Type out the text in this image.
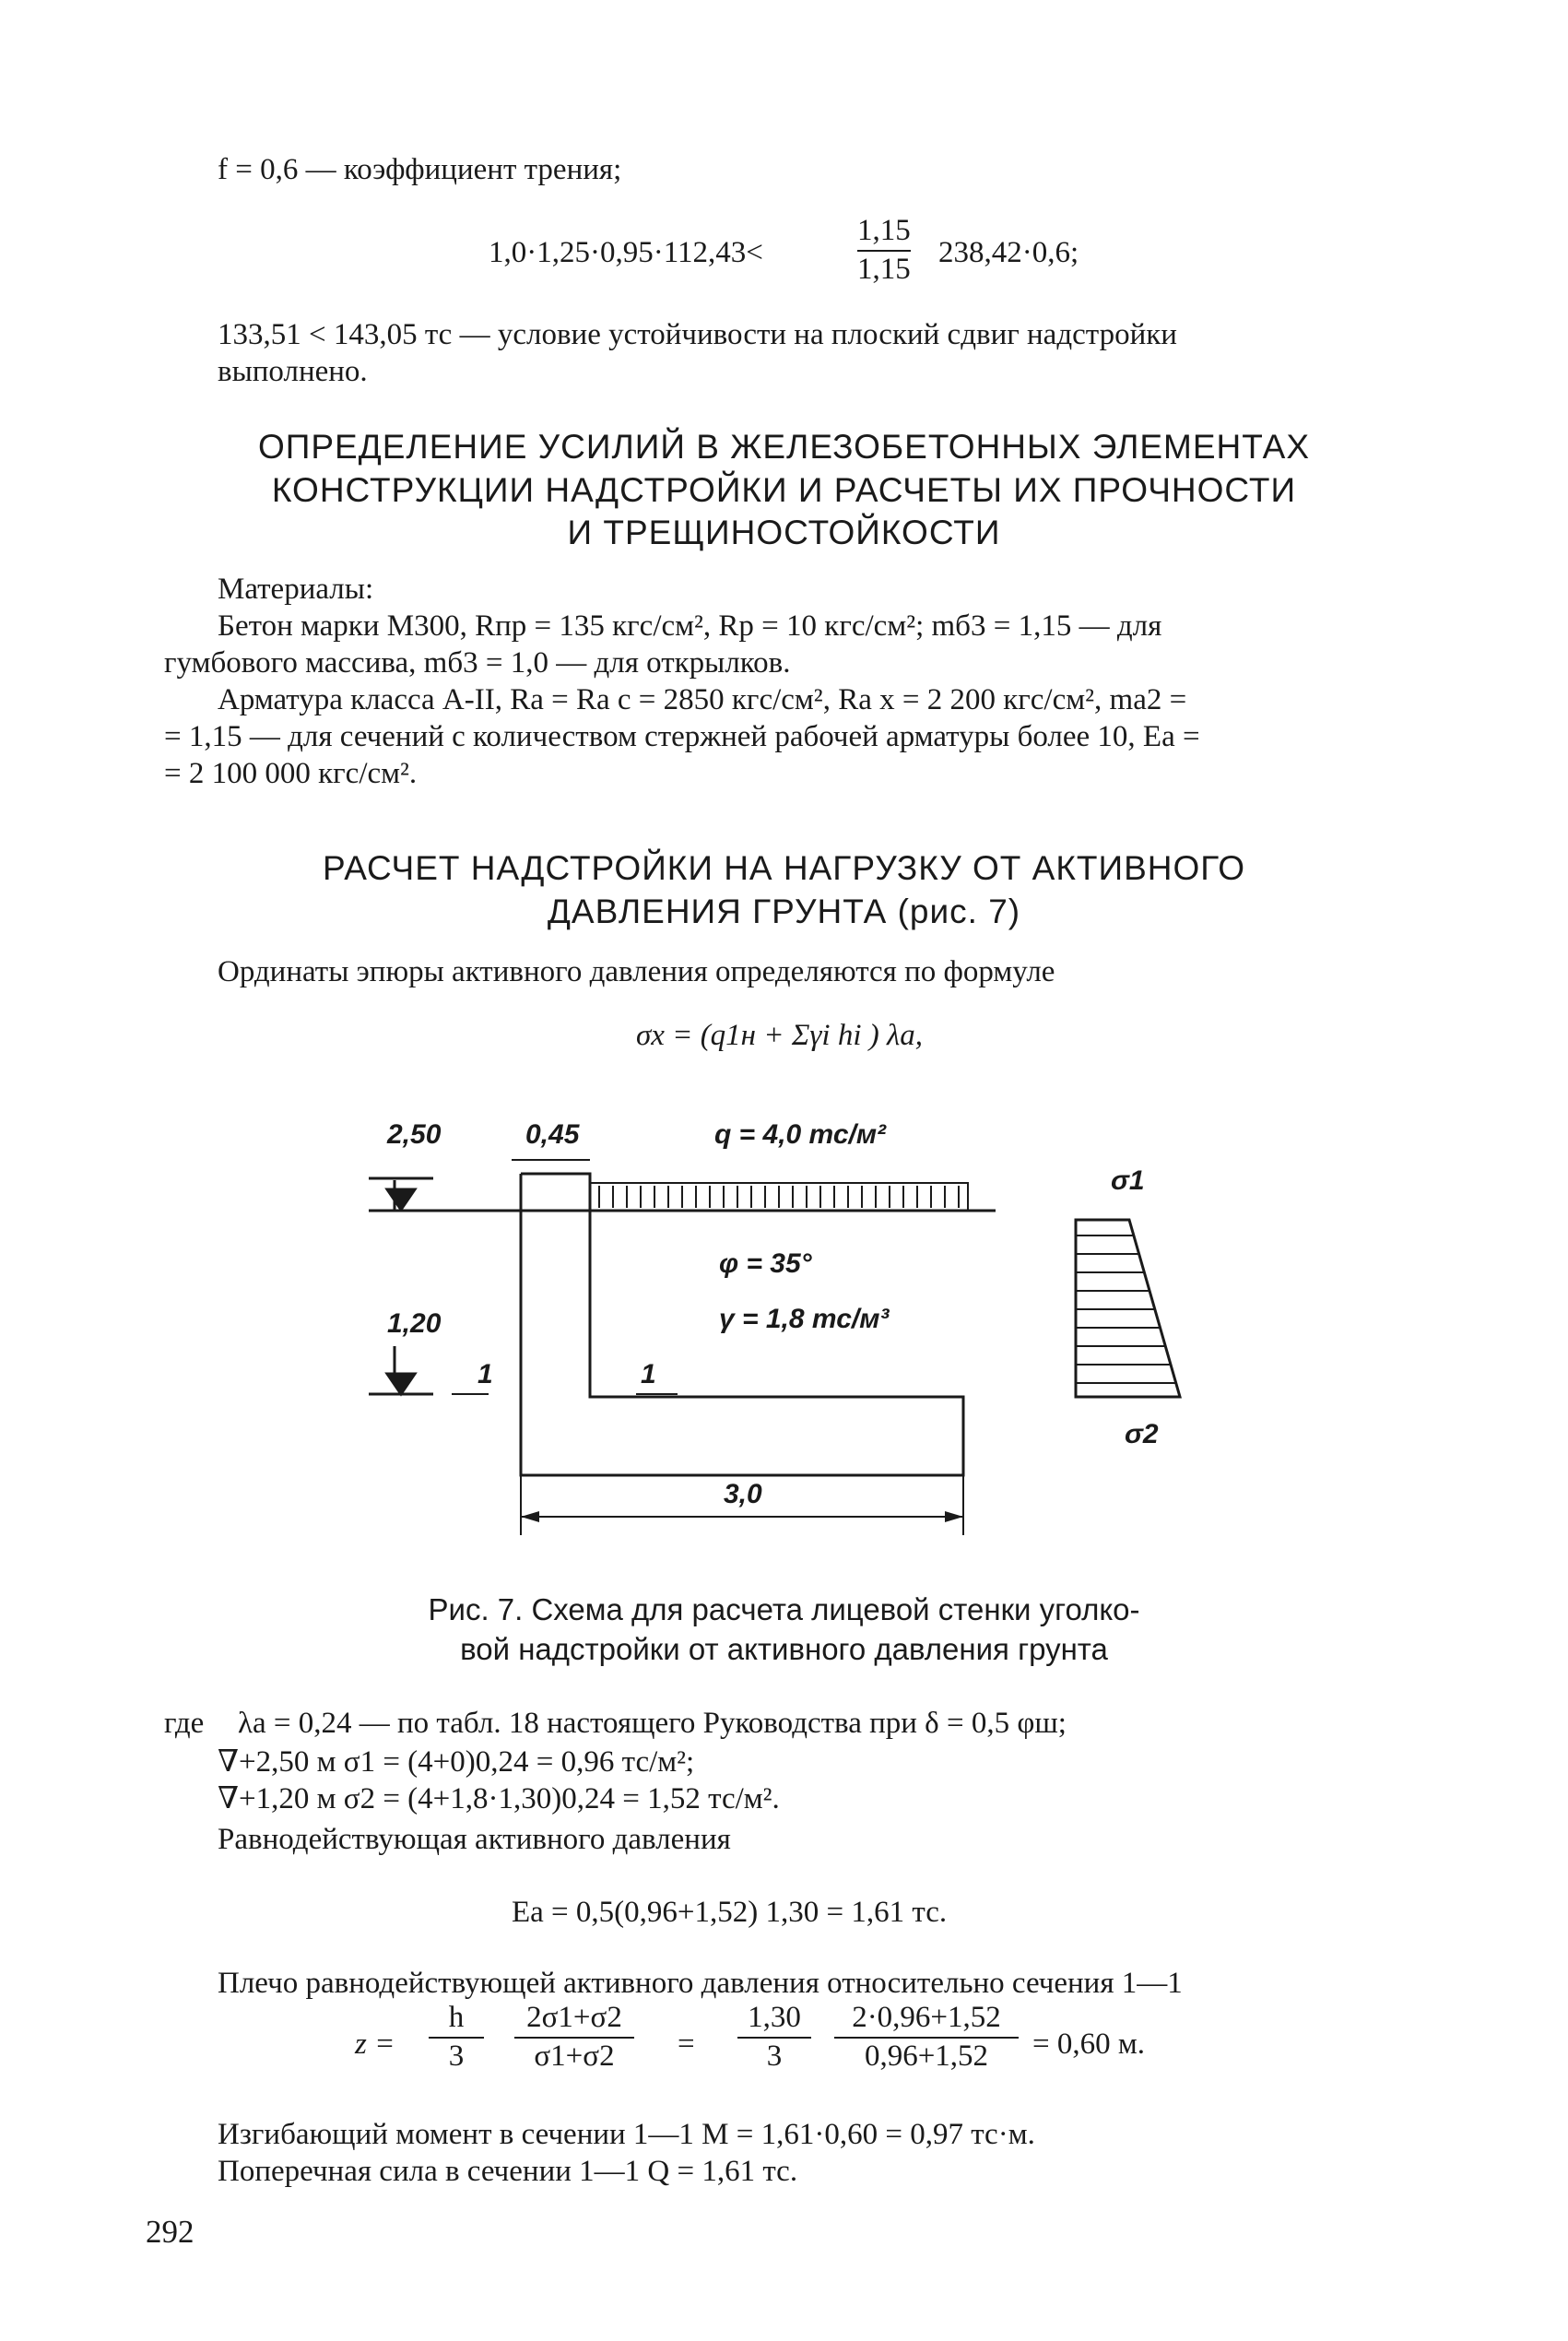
f = 0,6 — коэффициент трения;
1,0·1,25·0,95·112,43<
1,15
1,15 238,42·0,6;
133,51 < 143,05 тс — условие устойчивости на плоский сдвиг надстройки
выполнено.
ОПРЕДЕЛЕНИЕ УСИЛИЙ В ЖЕЛЕЗОБЕТОННЫХ ЭЛЕМЕНТАХ
КОНСТРУКЦИИ НАДСТРОЙКИ И РАСЧЕТЫ ИХ ПРОЧНОСТИ
И ТРЕЩИНОСТОЙКОСТИ
Материалы:
Бетон марки М300, Rпр = 135 кгс/см², Rр = 10 кгс/см²; mб3 = 1,15 — для
гумбового массива, mб3 = 1,0 — для открылков.
Арматура класса А-II, Rа = Rа с = 2850 кгс/см², Rа х = 2 200 кгс/см², mа2 =
= 1,15 — для сечений с количеством стержней рабочей арматуры более 10, Eа =
= 2 100 000 кгс/см².
РАСЧЕТ НАДСТРОЙКИ НА НАГРУЗКУ ОТ АКТИВНОГО
ДАВЛЕНИЯ ГРУНТА (рис. 7)
Ординаты эпюры активного давления определяются по формуле
σx = (q1н + Σγi hi ) λa,
2,50	0,45	q = 4,0 тс/м²
φ = 35°
γ = 1,8 тс/м³
1,20
1	1
3,0
σ1
σ2
Рис. 7. Схема для расчета лицевой стенки уголко-
вой надстройки от активного давления грунта
где λa = 0,24 — по табл. 18 настоящего Руководства при δ = 0,5 φш;
∇+2,50 м σ1 = (4+0)0,24 = 0,96 тс/м²;
∇+1,20 м σ2 = (4+1,8·1,30)0,24 = 1,52 тс/м².
Равнодействующая активного давления
Ea = 0,5(0,96+1,52) 1,30 = 1,61 тс.
Плечо равнодействующей активного давления относительно сечения 1—1
z =
h
3
2σ1+σ2
σ1+σ2 =
1,30
3
2·0,96+1,52
0,96+1,52 = 0,60 м.
Изгибающий момент в сечении 1—1 M = 1,61·0,60 = 0,97 тс·м.
Поперечная сила в сечении 1—1 Q = 1,61 тс.
292
